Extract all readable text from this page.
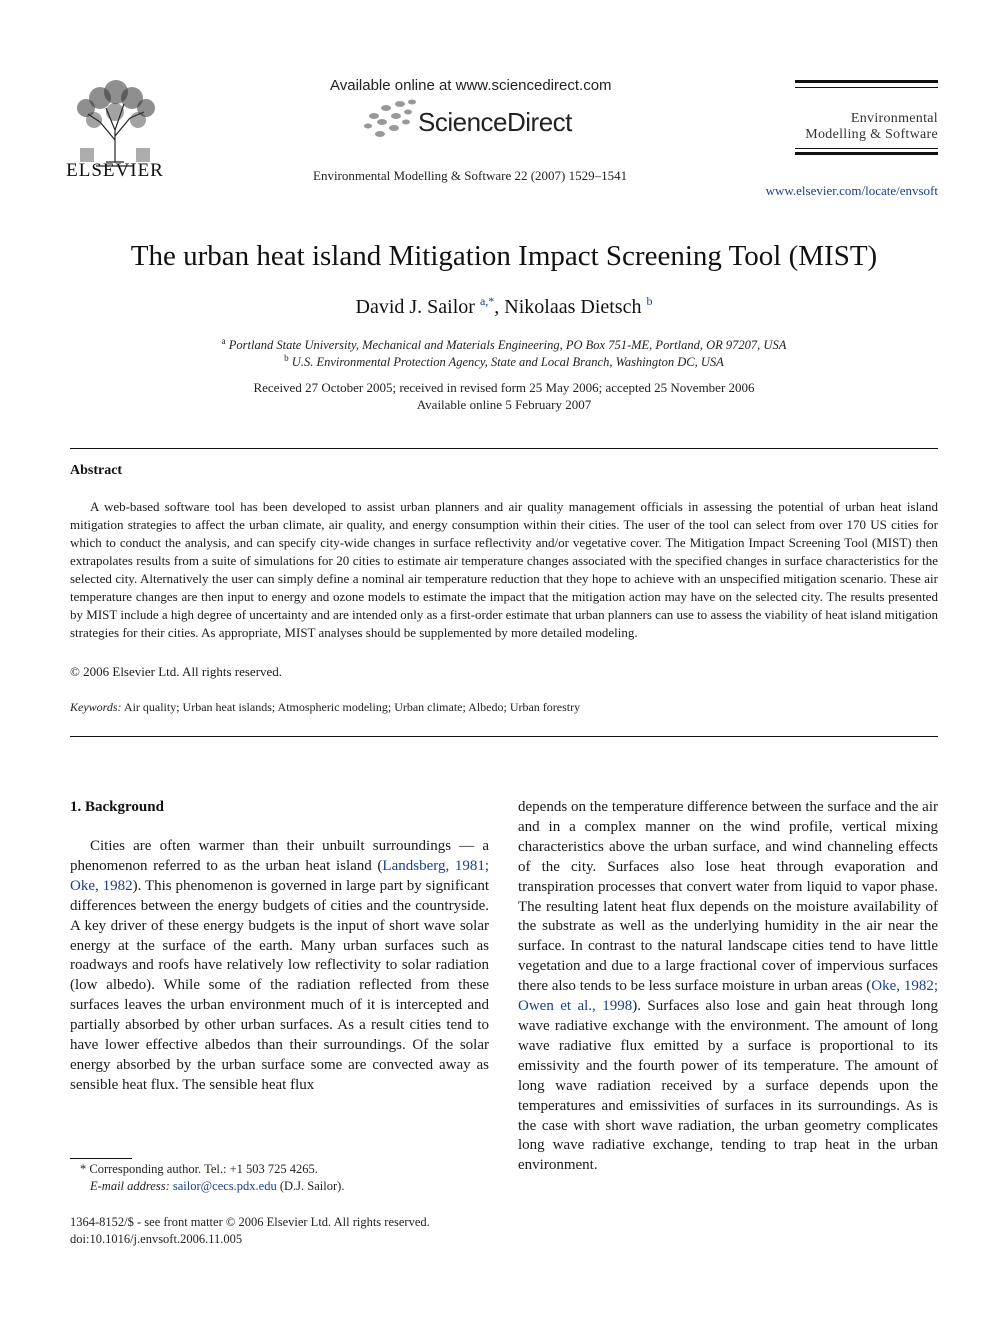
ELSEVIER
Available online at www.sciencedirect.com
ScienceDirect
Environmental Modelling & Software 22 (2007) 1529–1541
Environmental
Modelling & Software
www.elsevier.com/locate/envsoft
The urban heat island Mitigation Impact Screening Tool (MIST)
David J. Sailor $^{a,*}$, Nikolaas Dietsch $^b$
$^a$ Portland State University, Mechanical and Materials Engineering, PO Box 751-ME, Portland, OR 97207, USA
$^b$ U.S. Environmental Protection Agency, State and Local Branch, Washington DC, USA
Received 27 October 2005; received in revised form 25 May 2006; accepted 25 November 2006
Available online 5 February 2007
Abstract
A web-based software tool has been developed to assist urban planners and air quality management officials in assessing the potential of urban heat island mitigation strategies to affect the urban climate, air quality, and energy consumption within their cities. The user of the tool can select from over 170 US cities for which to conduct the analysis, and can specify city-wide changes in surface reflectivity and/or vegetative cover. The Mitigation Impact Screening Tool (MIST) then extrapolates results from a suite of simulations for 20 cities to estimate air temperature changes associated with the specified changes in surface characteristics for the selected city. Alternatively the user can simply define a nominal air temperature reduction that they hope to achieve with an unspecified mitigation scenario. These air temperature changes are then input to energy and ozone models to estimate the impact that the mitigation action may have on the selected city. The results presented by MIST include a high degree of uncertainty and are intended only as a first-order estimate that urban planners can use to assess the viability of heat island mitigation strategies for their cities. As appropriate, MIST analyses should be supplemented by more detailed modeling.
© 2006 Elsevier Ltd. All rights reserved.
Keywords: Air quality; Urban heat islands; Atmospheric modeling; Urban climate; Albedo; Urban forestry
1. Background
Cities are often warmer than their unbuilt surroundings — a phenomenon referred to as the urban heat island (Landsberg, 1981; Oke, 1982). This phenomenon is governed in large part by significant differences between the energy budgets of cities and the countryside. A key driver of these energy budgets is the input of short wave solar energy at the surface of the earth. Many urban surfaces such as roadways and roofs have relatively low reflectivity to solar radiation (low albedo). While some of the radiation reflected from these surfaces leaves the urban environment much of it is intercepted and partially absorbed by other urban surfaces. As a result cities tend to have lower effective albedos than their surroundings. Of the solar energy absorbed by the urban surface some are convected away as sensible heat flux. The sensible heat flux
depends on the temperature difference between the surface and the air and in a complex manner on the wind profile, vertical mixing characteristics above the urban surface, and wind channeling effects of the city. Surfaces also lose heat through evaporation and transpiration processes that convert water from liquid to vapor phase. The resulting latent heat flux depends on the moisture availability of the substrate as well as the underlying humidity in the air near the surface. In contrast to the natural landscape cities tend to have little vegetation and due to a large fractional cover of impervious surfaces there also tends to be less surface moisture in urban areas (Oke, 1982; Owen et al., 1998). Surfaces also lose and gain heat through long wave radiative exchange with the environment. The amount of long wave radiative flux emitted by a surface is proportional to its emissivity and the fourth power of its temperature. The amount of long wave radiation received by a surface depends upon the temperatures and emissivities of surfaces in its surroundings. As is the case with short wave radiation, the urban geometry complicates long wave radiative exchange, tending to trap heat in the urban environment.
* Corresponding author. Tel.: +1 503 725 4265.
E-mail address: sailor@cecs.pdx.edu (D.J. Sailor).
1364-8152/$ - see front matter © 2006 Elsevier Ltd. All rights reserved.
doi:10.1016/j.envsoft.2006.11.005
